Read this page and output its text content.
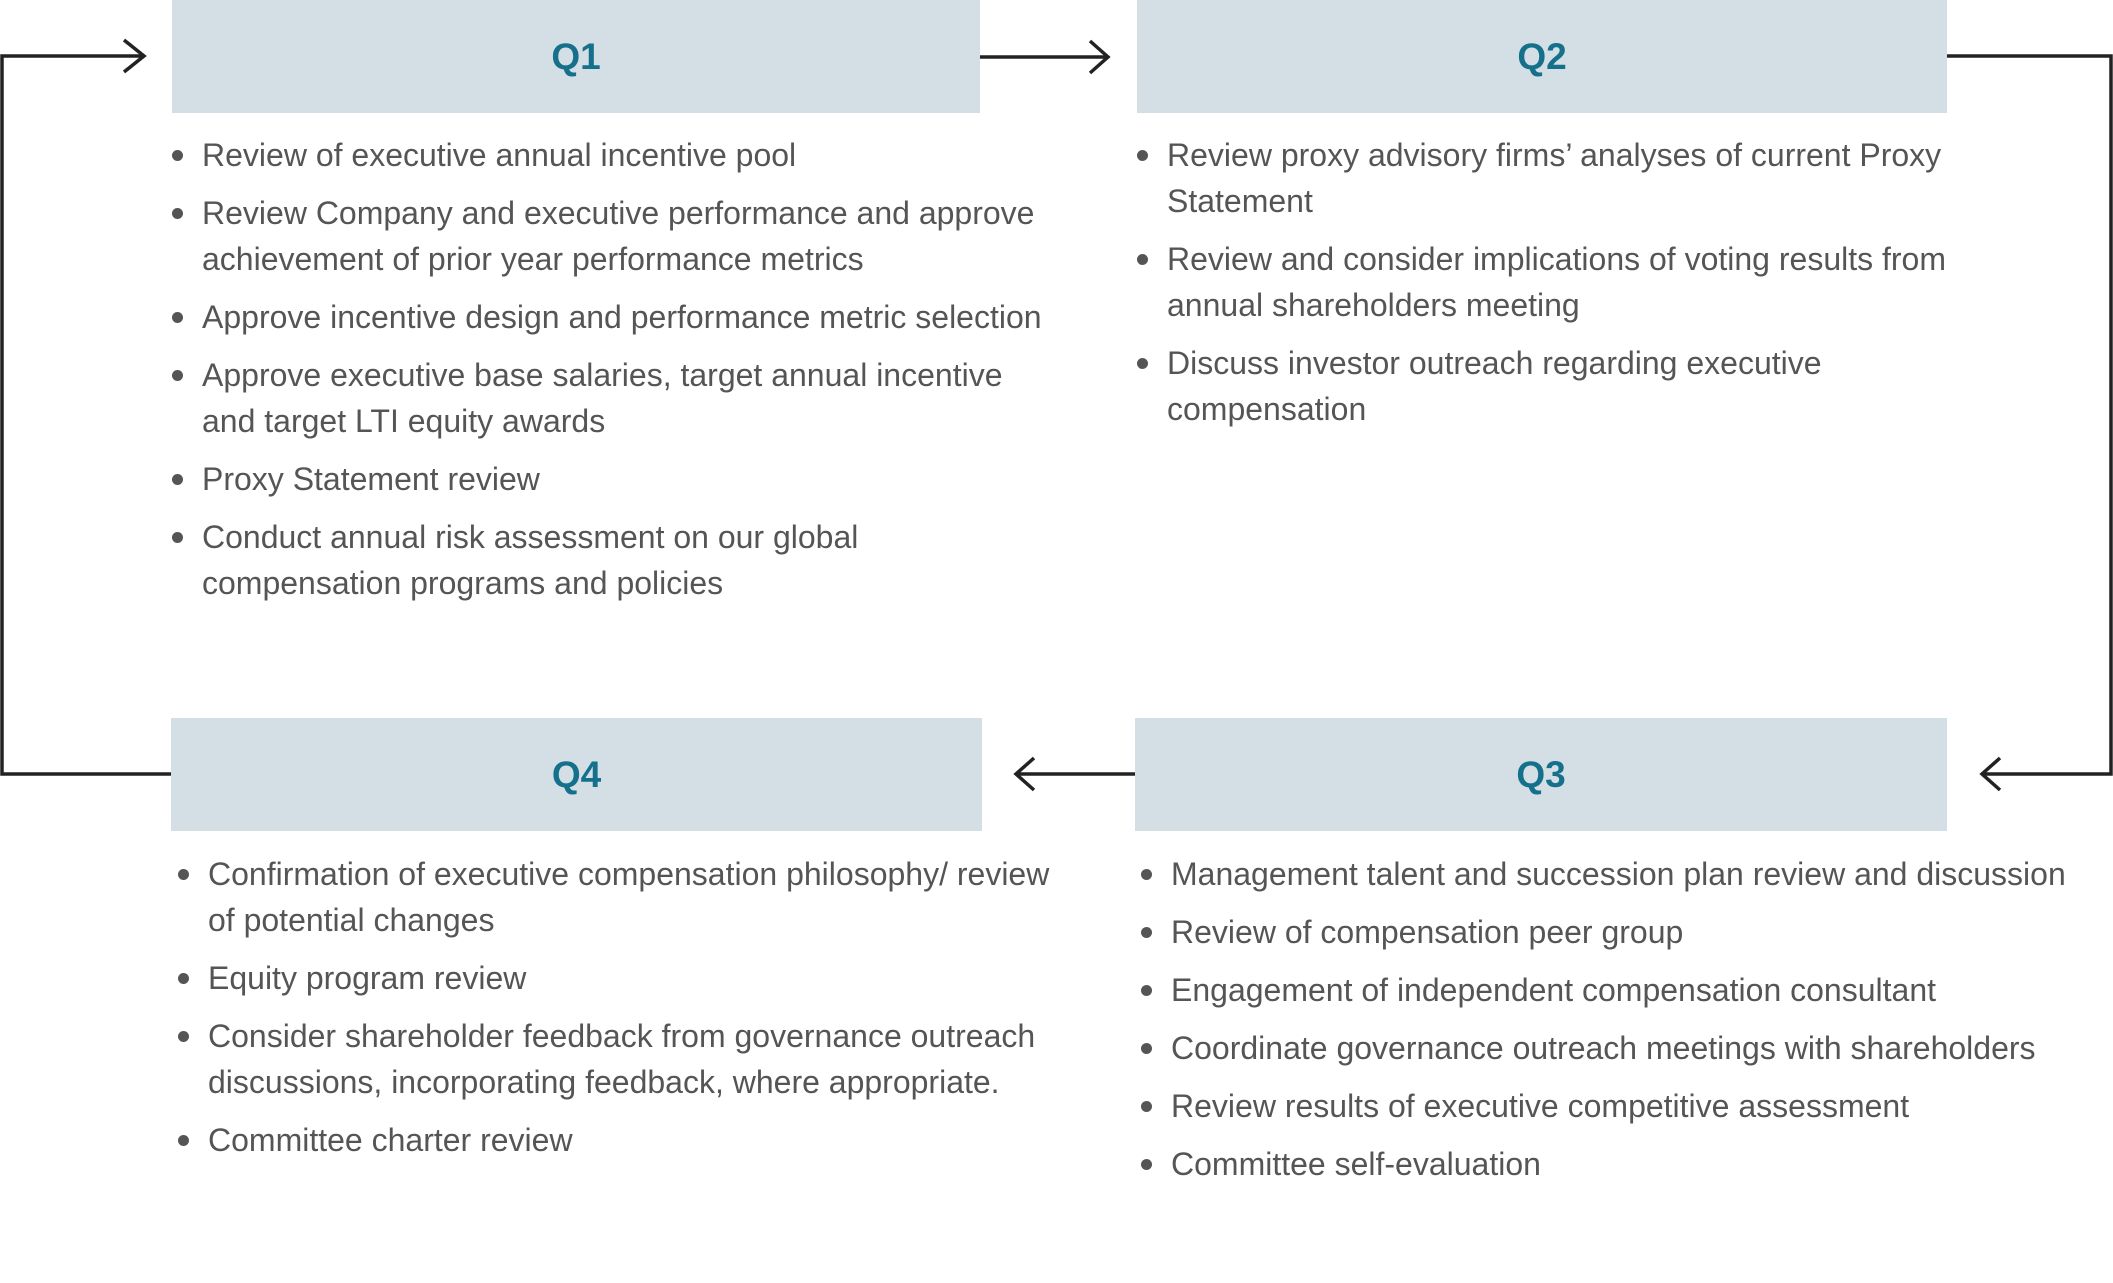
Q1
Review of executive annual incentive pool
Review Company and executive performance and approve achievement of prior year performance metrics
Approve incentive design and performance metric selection
Approve executive base salaries, target annual incentive and target LTI equity awards
Proxy Statement review
Conduct annual risk assessment on our global compensation programs and policies
Q2
Review proxy advisory firms’ analyses of current Proxy Statement
Review and consider implications of voting results from annual shareholders meeting
Discuss investor outreach regarding executive compensation
Q4
Confirmation of executive compensation philosophy/ review of potential changes
Equity program review
Consider shareholder feedback from governance outreach discussions, incorporating feedback, where appropriate.
Committee charter review
Q3
Management talent and succession plan review and discussion
Review of compensation peer group
Engagement of independent compensation consultant
Coordinate governance outreach meetings with shareholders
Review results of executive competitive assessment
Committee self-evaluation
